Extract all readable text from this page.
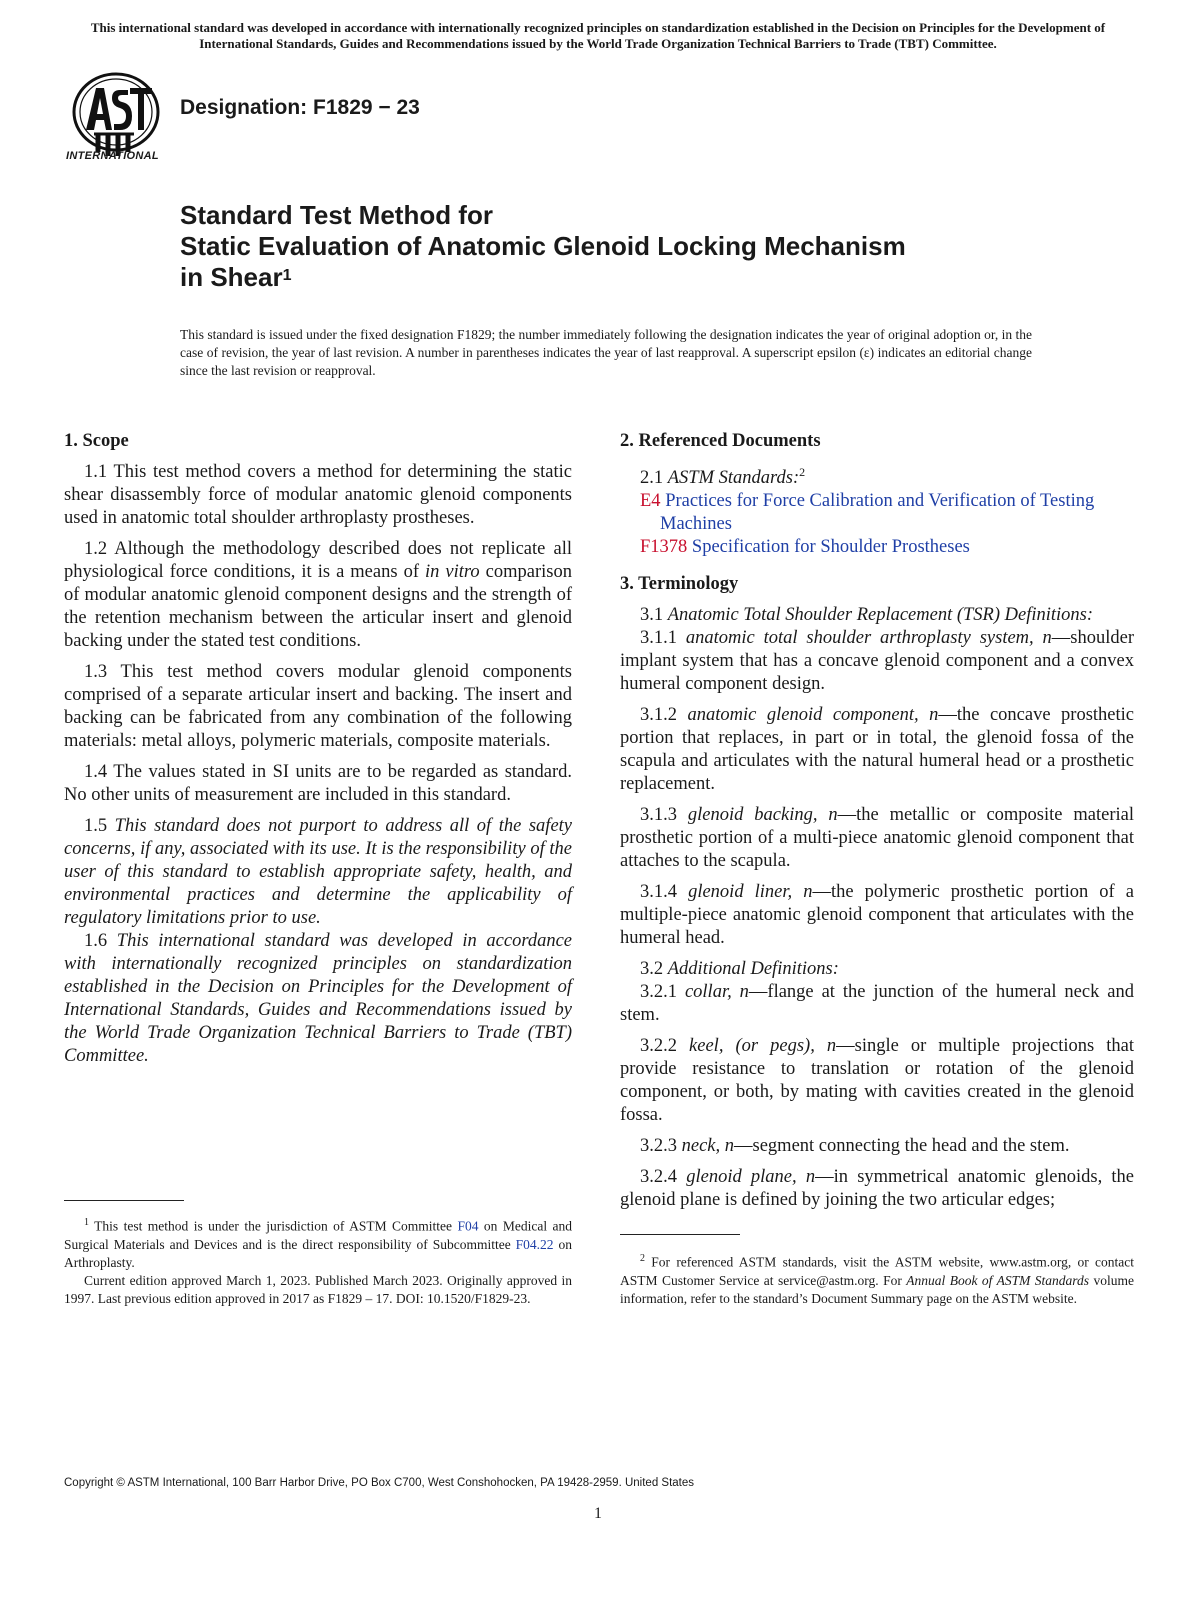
This international standard was developed in accordance with internationally recognized principles on standardization established in the Decision on Principles for the Development of International Standards, Guides and Recommendations issued by the World Trade Organization Technical Barriers to Trade (TBT) Committee.
INTERNATIONAL
Designation: F1829 − 23
Standard Test Method for
Static Evaluation of Anatomic Glenoid Locking Mechanism
in Shear$^1$
This standard is issued under the fixed designation F1829; the number immediately following the designation indicates the year of original adoption or, in the case of revision, the year of last revision. A number in parentheses indicates the year of last reapproval. A superscript epsilon (ε) indicates an editorial change since the last revision or reapproval.
1. Scope

1.1 This test method covers a method for determining the static shear disassembly force of modular anatomic glenoid components used in anatomic total shoulder arthroplasty prostheses.

1.2 Although the methodology described does not replicate all physiological force conditions, it is a means of in vitro comparison of modular anatomic glenoid component designs and the strength of the retention mechanism between the articular insert and glenoid backing under the stated test conditions.

1.3 This test method covers modular glenoid components comprised of a separate articular insert and backing. The insert and backing can be fabricated from any combination of the following materials: metal alloys, polymeric materials, composite materials.

1.4 The values stated in SI units are to be regarded as standard. No other units of measurement are included in this standard.

1.5 This standard does not purport to address all of the safety concerns, if any, associated with its use. It is the responsibility of the user of this standard to establish appropriate safety, health, and environmental practices and determine the applicability of regulatory limitations prior to use.

1.6 This international standard was developed in accordance with internationally recognized principles on standardization established in the Decision on Principles for the Development of International Standards, Guides and Recommendations issued by the World Trade Organization Technical Barriers to Trade (TBT) Committee.

2. Referenced Documents

2.1 ASTM Standards:$^2$

E4 Practices for Force Calibration and Verification of Testing Machines

F1378 Specification for Shoulder Prostheses

3. Terminology

3.1 Anatomic Total Shoulder Replacement (TSR) Definitions:

3.1.1 anatomic total shoulder arthroplasty system, n—shoulder implant system that has a concave glenoid component and a convex humeral component design.

3.1.2 anatomic glenoid component, n—the concave prosthetic portion that replaces, in part or in total, the glenoid fossa of the scapula and articulates with the natural humeral head or a prosthetic replacement.

3.1.3 glenoid backing, n—the metallic or composite material prosthetic portion of a multi-piece anatomic glenoid component that attaches to the scapula.

3.1.4 glenoid liner, n—the polymeric prosthetic portion of a multiple-piece anatomic glenoid component that articulates with the humeral head.

3.2 Additional Definitions:

3.2.1 collar, n—flange at the junction of the humeral neck and stem.

3.2.2 keel, (or pegs), n—single or multiple projections that provide resistance to translation or rotation of the glenoid component, or both, by mating with cavities created in the glenoid fossa.

3.2.3 neck, n—segment connecting the head and the stem.

3.2.4 glenoid plane, n—in symmetrical anatomic glenoids, the glenoid plane is defined by joining the two articular edges;

$^1$ This test method is under the jurisdiction of ASTM Committee F04 on Medical and Surgical Materials and Devices and is the direct responsibility of Subcommittee F04.22 on Arthroplasty.

Current edition approved March 1, 2023. Published March 2023. Originally approved in 1997. Last previous edition approved in 2017 as F1829 – 17. DOI: 10.1520/F1829-23.

$^2$ For referenced ASTM standards, visit the ASTM website, www.astm.org, or contact ASTM Customer Service at service@astm.org. For Annual Book of ASTM Standards volume information, refer to the standard’s Document Summary page on the ASTM website.

Copyright © ASTM International, 100 Barr Harbor Drive, PO Box C700, West Conshohocken, PA 19428-2959. United States
1
